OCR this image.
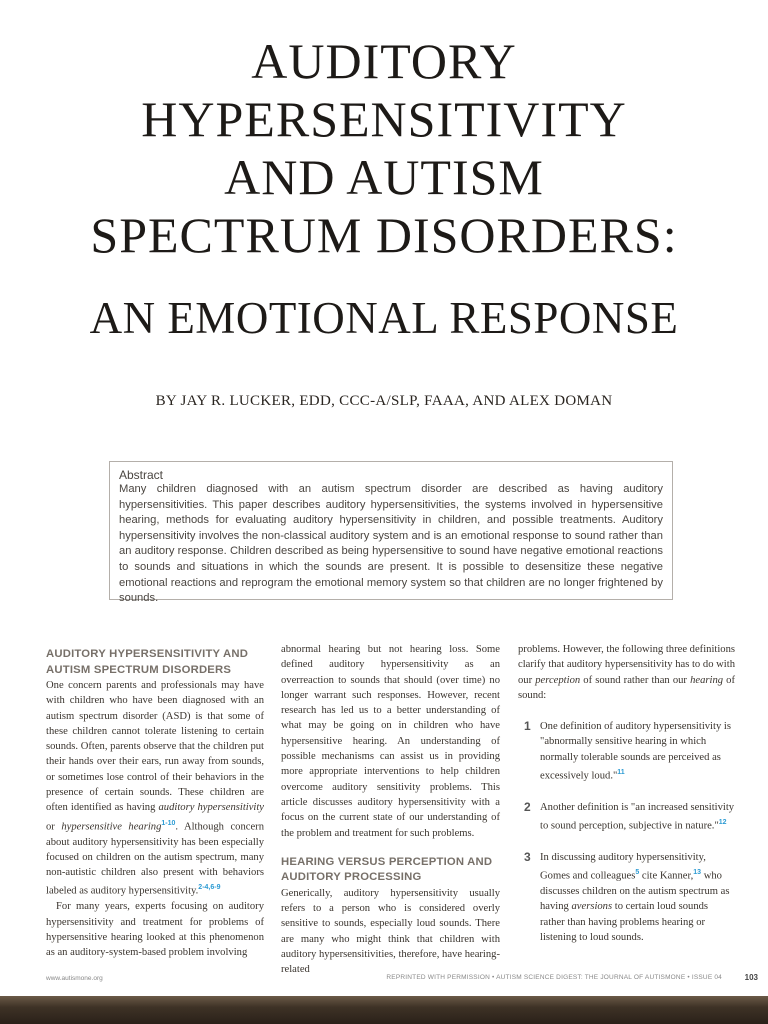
AUDITORY
HYPERSENSITIVITY
AND AUTISM
SPECTRUM DISORDERS:
AN EMOTIONAL RESPONSE
BY JAY R. LUCKER, EDD, CCC-A/SLP, FAAA, AND ALEX DOMAN
Abstract
Many children diagnosed with an autism spectrum disorder are described as having auditory hypersensitivities. This paper describes auditory hypersensitivities, the systems involved in hypersensitive hearing, methods for evaluating auditory hypersensitivity in children, and possible treatments. Auditory hypersensitivity involves the non-classical auditory system and is an emotional response to sound rather than an auditory response. Children described as being hypersensitive to sound have negative emotional reactions to sounds and situations in which the sounds are present. It is possible to desensitize these negative emotional reactions and reprogram the emotional memory system so that children are no longer frightened by sounds.
AUDITORY HYPERSENSITIVITY AND AUTISM SPECTRUM DISORDERS

One concern parents and professionals may have with children who have been diagnosed with an autism spectrum disorder (ASD) is that some of these children cannot tolerate listening to certain sounds. Often, parents observe that the children put their hands over their ears, run away from sounds, or sometimes lose control of their behaviors in the presence of certain sounds. These children are often identified as having auditory hypersensitivity or hypersensitive hearing$^{1-10}$. Although concern about auditory hypersensitivity has been especially focused on children on the autism spectrum, many non-autistic children also present with behaviors labeled as auditory hypersensitivity.$^{2-4,6-9}$

For many years, experts focusing on auditory hypersensitivity and treatment for problems of hypersensitive hearing looked at this phenomenon as an auditory-system-based problem involving

abnormal hearing but not hearing loss. Some defined auditory hypersensitivity as an overreaction to sounds that should (over time) no longer warrant such responses. However, recent research has led us to a better understanding of what may be going on in children who have hypersensitive hearing. An understanding of possible mechanisms can assist us in providing more appropriate interventions to help children overcome auditory sensitivity problems. This article discusses auditory hypersensitivity with a focus on the current state of our understanding of the problem and treatment for such problems.

HEARING VERSUS PERCEPTION AND AUDITORY PROCESSING

Generically, auditory hypersensitivity usually refers to a person who is considered overly sensitive to sounds, especially loud sounds. There are many who might think that children with auditory hypersensitivities, therefore, have hearing-related

problems. However, the following three definitions clarify that auditory hypersensitivity has to do with our perception of sound rather than our hearing of sound:

1 One definition of auditory hypersensitivity is "abnormally sensitive hearing in which normally tolerable sounds are perceived as excessively loud."$^{11}$
2 Another definition is "an increased sensitivity to sound perception, subjective in nature."$^{12}$
3 In discussing auditory hypersensitivity, Gomes and colleagues$^5$ cite Kanner,$^{13}$ who discusses children on the autism spectrum as having aversions to certain loud sounds rather than having problems hearing or listening to loud sounds.
www.autismone.org	REPRINTED WITH PERMISSION • AUTISM SCIENCE DIGEST: THE JOURNAL OF AUTISMONE • ISSUE 04	103
